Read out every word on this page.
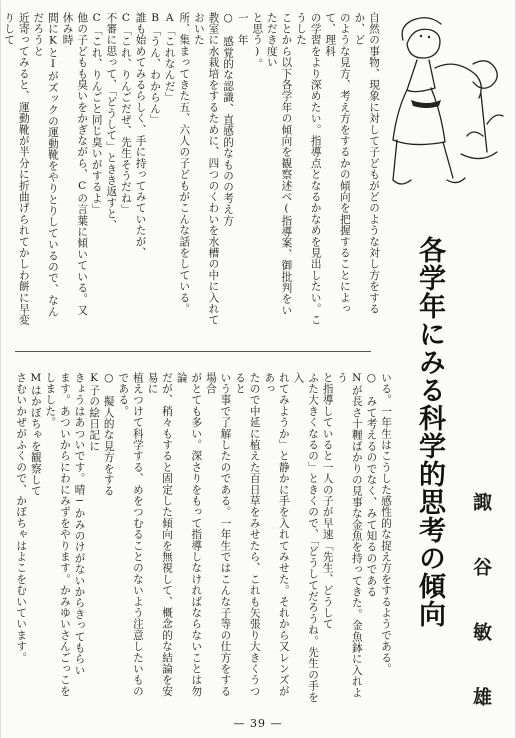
自然の事物、現象に対して子どもがどのような対し方をするか、ど
のような見方、考え方をするかの傾向を把握することによって、理科
の学習をより深めたい。指導点となるかなめを見出したい。こうした
ことから以下各学年の傾向を観察述べ(指導案、御批判をいただき度い
と思う)。
一　年
○　感覚的な認識、直感的なものの考え方
教室に水栽培をするために、四つのくわいを水槽の中に入れておいた
所、集まってきた五、六人の子どもがこんな話をしている。
A「これなんだ」
B「うん、わからん」
誰も始めてみるらしく、手に持ってみていたが、
C「これ、りんごだぜ、先生そうだね」
不審に思って、「どうして」ときき返すと、
C「これ、りんごと同じ臭いがするよ」
他の子どもも臭いをかぎながら、Cの言葉に傾いている。又休み時
間にKとIがズックの運動靴をやりとりしているので、なんだろうと
近寄ってみると、運動靴が半分に折曲げられてかしわ餅に早変りして
各学年にみる科学的思考の傾向 諏 谷 敏 雄
いる。一年生はこうした感性的な捉え方をするようである。
○　みて考えるのでなく、みて知るのである
Nが長さ十糎ばかりの見事な金魚を持ってきた。金魚鉢に入れよう
と指導していると一人の子が早速「先生、どうして
ふた大きくなるの」ときくので、「どうしてだろうね。先生の手を入
れてみようか」と静かに手を入れてみせた。それから又レンズがあっ
たので中延に植えた百日草をみせたら、これも矢張り大きくうつると
いう事で了解したのである。一年生ではこんな子等の仕方をする場合
がとても多い。深さりをもって指導しなければならないことは勿論
だが、稍々もすると固定した傾向を無視して、概念的な結論を安易に
植えつけて科学する、めをつむることのないよう注意したいものである。
○　擬人的な見方をする
K子の絵日記に
きょうはあついです。晴─かみのけがないからきってもらい
ます。あついからにわにみずをやります。かみゆいさんごっこを
しました。
Mはかぼちゃを観察して
さむいかぜがふくので、かぼちゃはよこをむいています。
— 39 —
